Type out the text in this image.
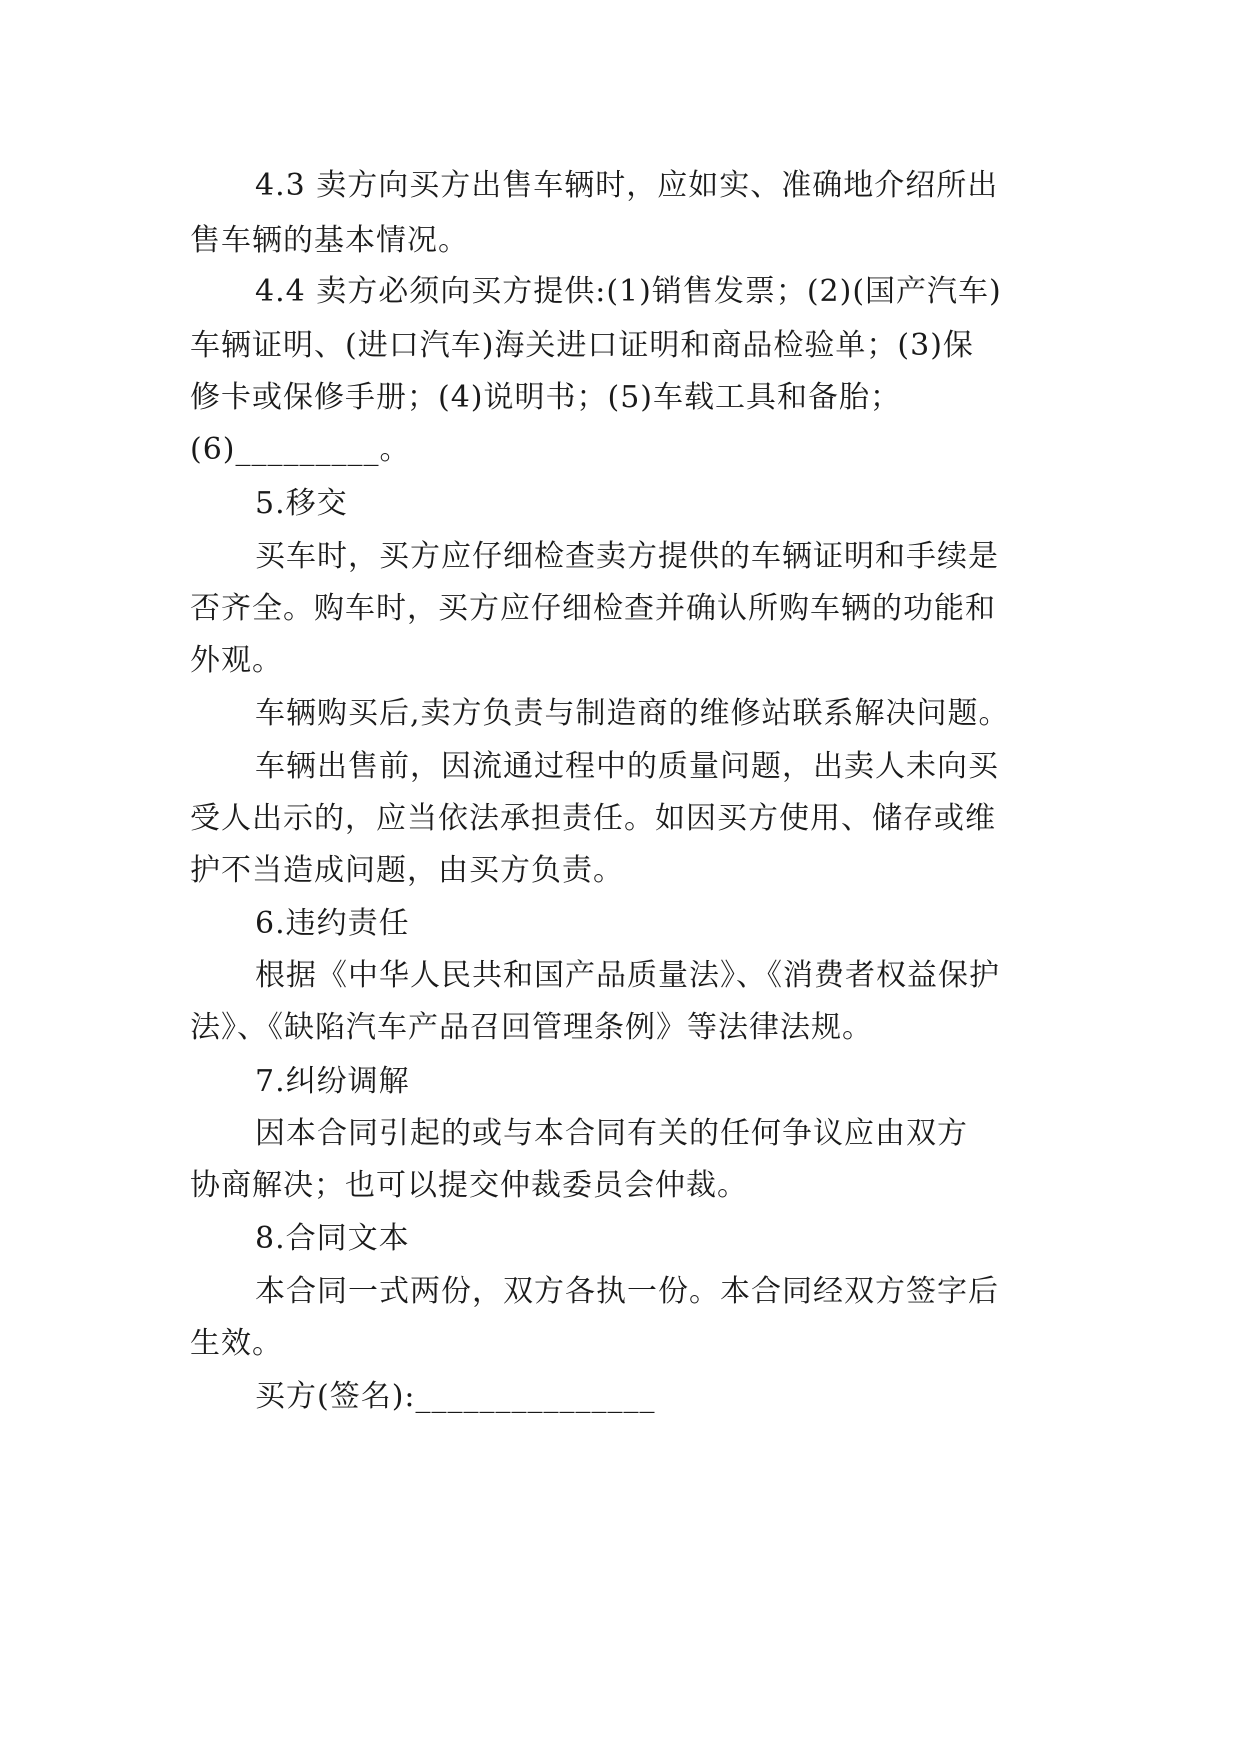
4.3 卖方向买方出售车辆时，应如实、准确地介绍所出
售车辆的基本情况。
4.4 卖方必须向买方提供:(1)销售发票；(2)(国产汽车)
车辆证明、(进口汽车)海关进口证明和商品检验单；(3)保
修卡或保修手册；(4)说明书；(5)车载工具和备胎；
(6)_________。
5.移交
买车时，买方应仔细检查卖方提供的车辆证明和手续是
否齐全。购车时，买方应仔细检查并确认所购车辆的功能和
外观。
车辆购买后,卖方负责与制造商的维修站联系解决问题。
车辆出售前，因流通过程中的质量问题，出卖人未向买
受人出示的，应当依法承担责任。如因买方使用、储存或维
护不当造成问题，由买方负责。
6.违约责任
根据《中华人民共和国产品质量法》、《消费者权益保护
法》、《缺陷汽车产品召回管理条例》等法律法规。
7.纠纷调解
因本合同引起的或与本合同有关的任何争议应由双方
协商解决；也可以提交仲裁委员会仲裁。
8.合同文本
本合同一式两份，双方各执一份。本合同经双方签字后
生效。
买方(签名):_______________
